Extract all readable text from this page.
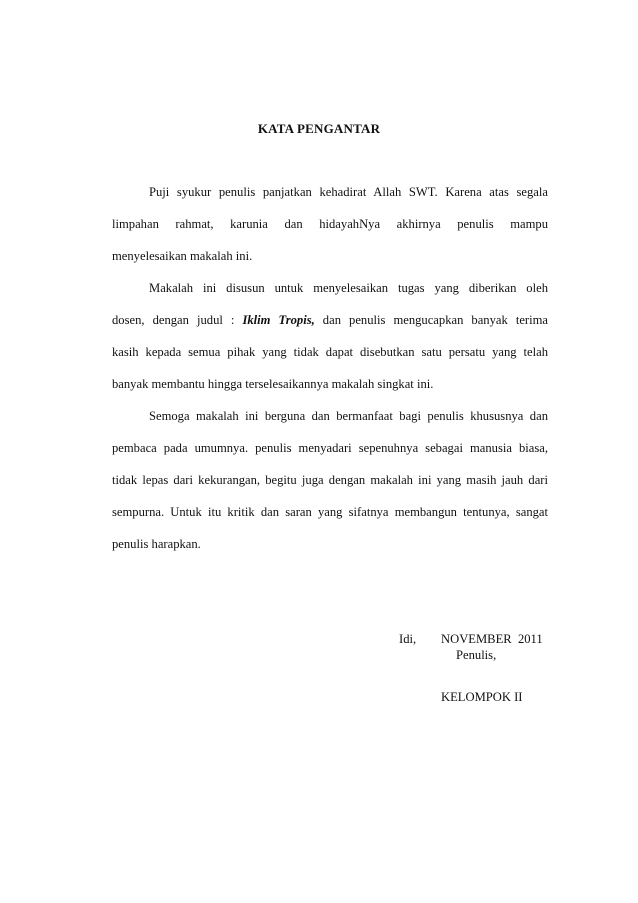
KATA PENGANTAR
Puji syukur penulis panjatkan kehadirat Allah SWT. Karena atas segala
limpahan rahmat, karunia dan hidayahNya akhirnya penulis mampu
menyelesaikan makalah ini.
Makalah ini disusun untuk menyelesaikan tugas yang diberikan oleh
dosen, dengan judul : Iklim Tropis, dan penulis mengucapkan banyak terima
kasih kepada semua pihak yang tidak dapat disebutkan satu persatu yang telah
banyak membantu hingga terselesaikannya makalah singkat ini.
Semoga makalah ini berguna dan bermanfaat bagi penulis khususnya dan
pembaca pada umumnya. penulis menyadari sepenuhnya sebagai manusia biasa,
tidak lepas dari kekurangan, begitu juga dengan makalah ini yang masih jauh dari
sempurna. Untuk itu kritik dan saran yang sifatnya membangun tentunya, sangat
penulis harapkan.
Idi, NOVEMBER  2011
Penulis,
KELOMPOK II
